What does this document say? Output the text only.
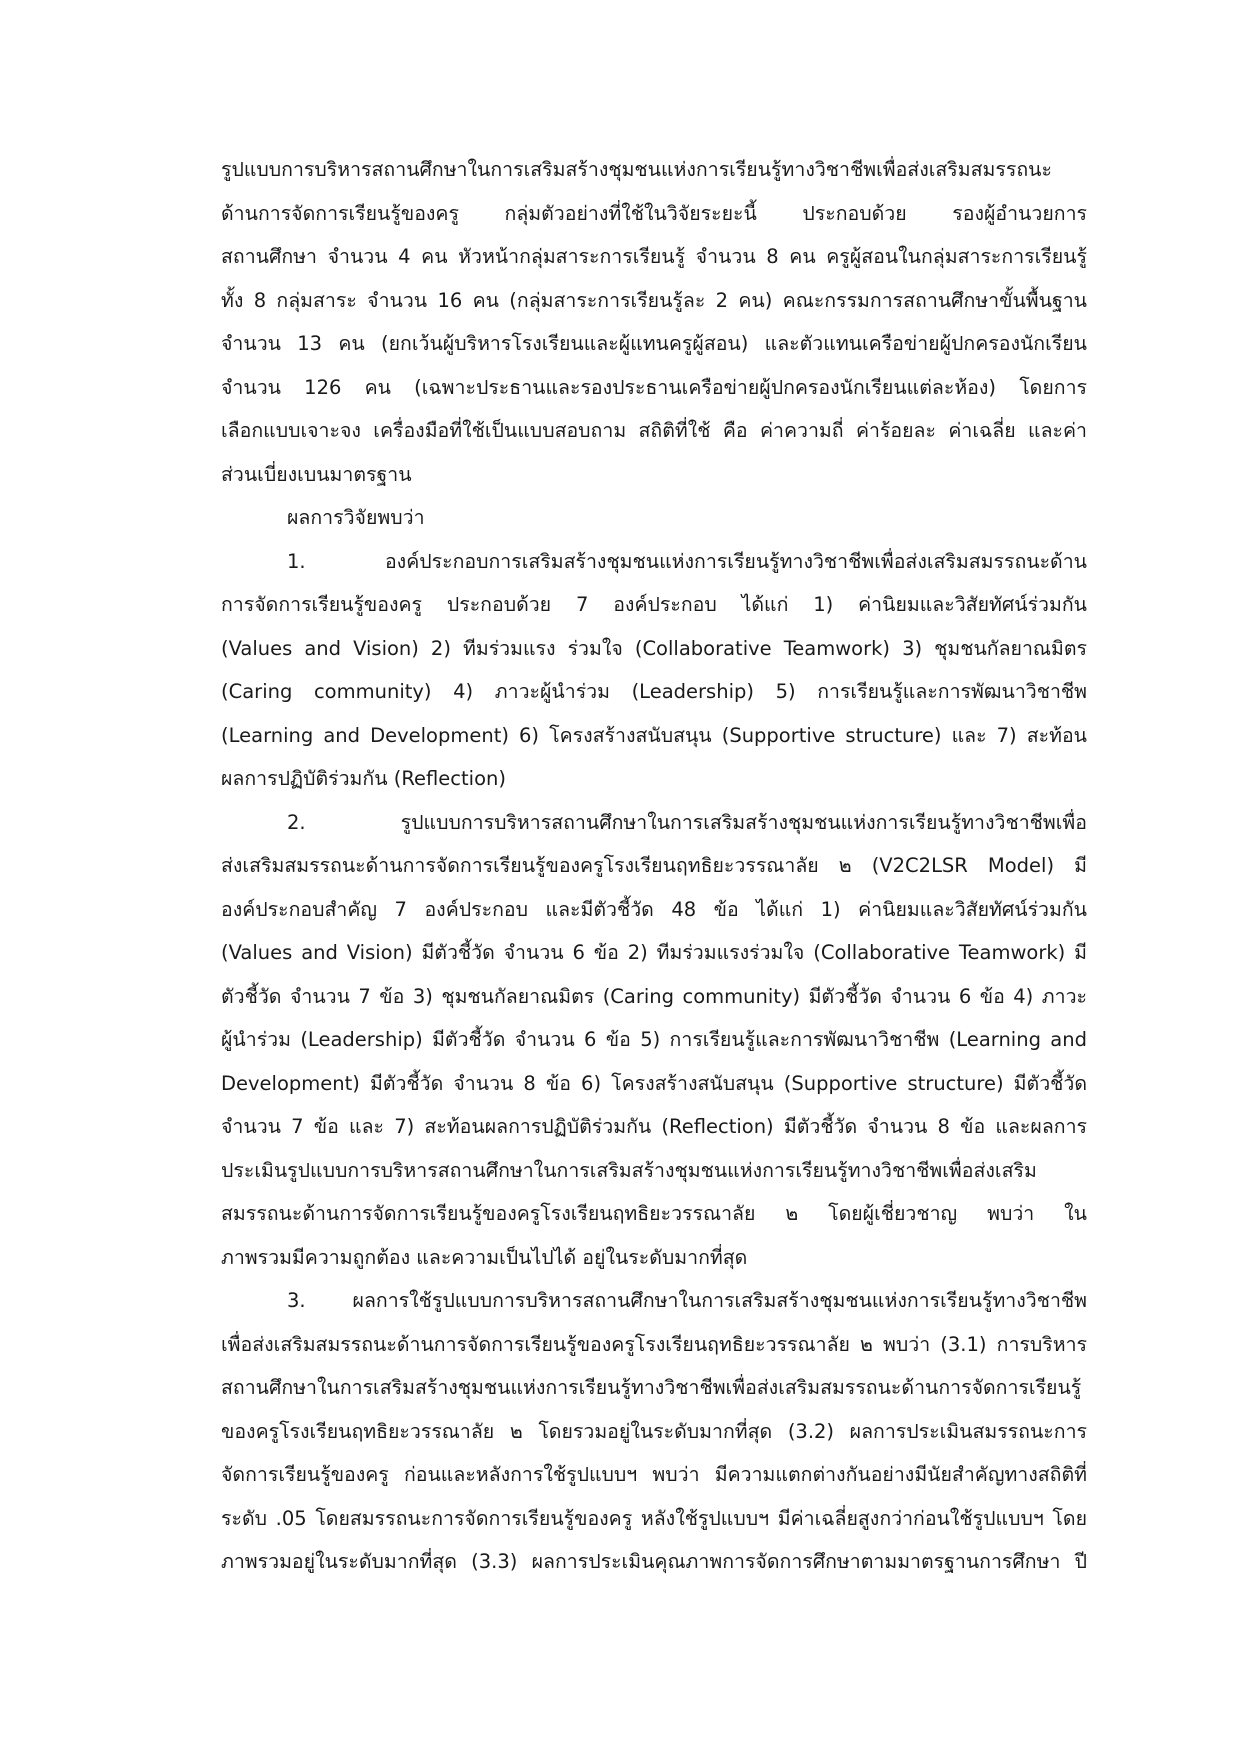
รูปแบบการบริหารสถานศึกษาในการเสริมสร้างชุมชนแห่งการเรียนรู้ทางวิชาชีพเพื่อส่งเสริมสมรรถนะ
ด้านการจัดการเรียนรู้ของครู กลุ่มตัวอย่างที่ใช้ในวิจัยระยะนี้ ประกอบด้วย รองผู้อำนวยการ
สถานศึกษา จำนวน 4 คน หัวหน้ากลุ่มสาระการเรียนรู้ จำนวน 8 คน ครูผู้สอนในกลุ่มสาระการเรียนรู้
ทั้ง 8 กลุ่มสาระ จำนวน 16 คน (กลุ่มสาระการเรียนรู้ละ 2 คน) คณะกรรมการสถานศึกษาขั้นพื้นฐาน
จำนวน 13 คน (ยกเว้นผู้บริหารโรงเรียนและผู้แทนครูผู้สอน) และตัวแทนเครือข่ายผู้ปกครองนักเรียน
จำนวน 126 คน (เฉพาะประธานและรองประธานเครือข่ายผู้ปกครองนักเรียนแต่ละห้อง) โดยการ
เลือกแบบเจาะจง เครื่องมือที่ใช้เป็นแบบสอบถาม สถิติที่ใช้ คือ ค่าความถี่ ค่าร้อยละ ค่าเฉลี่ย และค่า
ส่วนเบี่ยงเบนมาตรฐาน
ผลการวิจัยพบว่า
1. องค์ประกอบการเสริมสร้างชุมชนแห่งการเรียนรู้ทางวิชาชีพเพื่อส่งเสริมสมรรถนะด้าน
การจัดการเรียนรู้ของครู ประกอบด้วย 7 องค์ประกอบ ได้แก่ 1) ค่านิยมและวิสัยทัศน์ร่วมกัน
(Values and Vision) 2) ทีมร่วมแรง ร่วมใจ (Collaborative Teamwork) 3) ชุมชนกัลยาณมิตร
(Caring community) 4) ภาวะผู้นำร่วม (Leadership) 5) การเรียนรู้และการพัฒนาวิชาชีพ
(Learning and Development) 6) โครงสร้างสนับสนุน (Supportive structure) และ 7) สะท้อน
ผลการปฏิบัติร่วมกัน (Reflection)
2. รูปแบบการบริหารสถานศึกษาในการเสริมสร้างชุมชนแห่งการเรียนรู้ทางวิชาชีพเพื่อ
ส่งเสริมสมรรถนะด้านการจัดการเรียนรู้ของครูโรงเรียนฤทธิยะวรรณาลัย ๒ (V2C2LSR Model) มี
องค์ประกอบสำคัญ 7 องค์ประกอบ และมีตัวชี้วัด 48 ข้อ ได้แก่ 1) ค่านิยมและวิสัยทัศน์ร่วมกัน
(Values and Vision) มีตัวชี้วัด จำนวน 6 ข้อ 2) ทีมร่วมแรงร่วมใจ (Collaborative Teamwork) มี
ตัวชี้วัด จำนวน 7 ข้อ 3) ชุมชนกัลยาณมิตร (Caring community) มีตัวชี้วัด จำนวน 6 ข้อ 4) ภาวะ
ผู้นำร่วม (Leadership) มีตัวชี้วัด จำนวน 6 ข้อ 5) การเรียนรู้และการพัฒนาวิชาชีพ (Learning and
Development) มีตัวชี้วัด จำนวน 8 ข้อ 6) โครงสร้างสนับสนุน (Supportive structure) มีตัวชี้วัด
จำนวน 7 ข้อ และ 7) สะท้อนผลการปฏิบัติร่วมกัน (Reflection) มีตัวชี้วัด จำนวน 8 ข้อ และผลการ
ประเมินรูปแบบการบริหารสถานศึกษาในการเสริมสร้างชุมชนแห่งการเรียนรู้ทางวิชาชีพเพื่อส่งเสริม
สมรรถนะด้านการจัดการเรียนรู้ของครูโรงเรียนฤทธิยะวรรณาลัย ๒ โดยผู้เชี่ยวชาญ พบว่า ใน
ภาพรวมมีความถูกต้อง และความเป็นไปได้ อยู่ในระดับมากที่สุด
3. ผลการใช้รูปแบบการบริหารสถานศึกษาในการเสริมสร้างชุมชนแห่งการเรียนรู้ทางวิชาชีพ
เพื่อส่งเสริมสมรรถนะด้านการจัดการเรียนรู้ของครูโรงเรียนฤทธิยะวรรณาลัย ๒ พบว่า (3.1) การบริหาร
สถานศึกษาในการเสริมสร้างชุมชนแห่งการเรียนรู้ทางวิชาชีพเพื่อส่งเสริมสมรรถนะด้านการจัดการเรียนรู้
ของครูโรงเรียนฤทธิยะวรรณาลัย ๒ โดยรวมอยู่ในระดับมากที่สุด (3.2) ผลการประเมินสมรรถนะการ
จัดการเรียนรู้ของครู ก่อนและหลังการใช้รูปแบบฯ พบว่า มีความแตกต่างกันอย่างมีนัยสำคัญทางสถิติที่
ระดับ .05 โดยสมรรถนะการจัดการเรียนรู้ของครู หลังใช้รูปแบบฯ มีค่าเฉลี่ยสูงกว่าก่อนใช้รูปแบบฯ โดย
ภาพรวมอยู่ในระดับมากที่สุด (3.3) ผลการประเมินคุณภาพการจัดการศึกษาตามมาตรฐานการศึกษา ปี
